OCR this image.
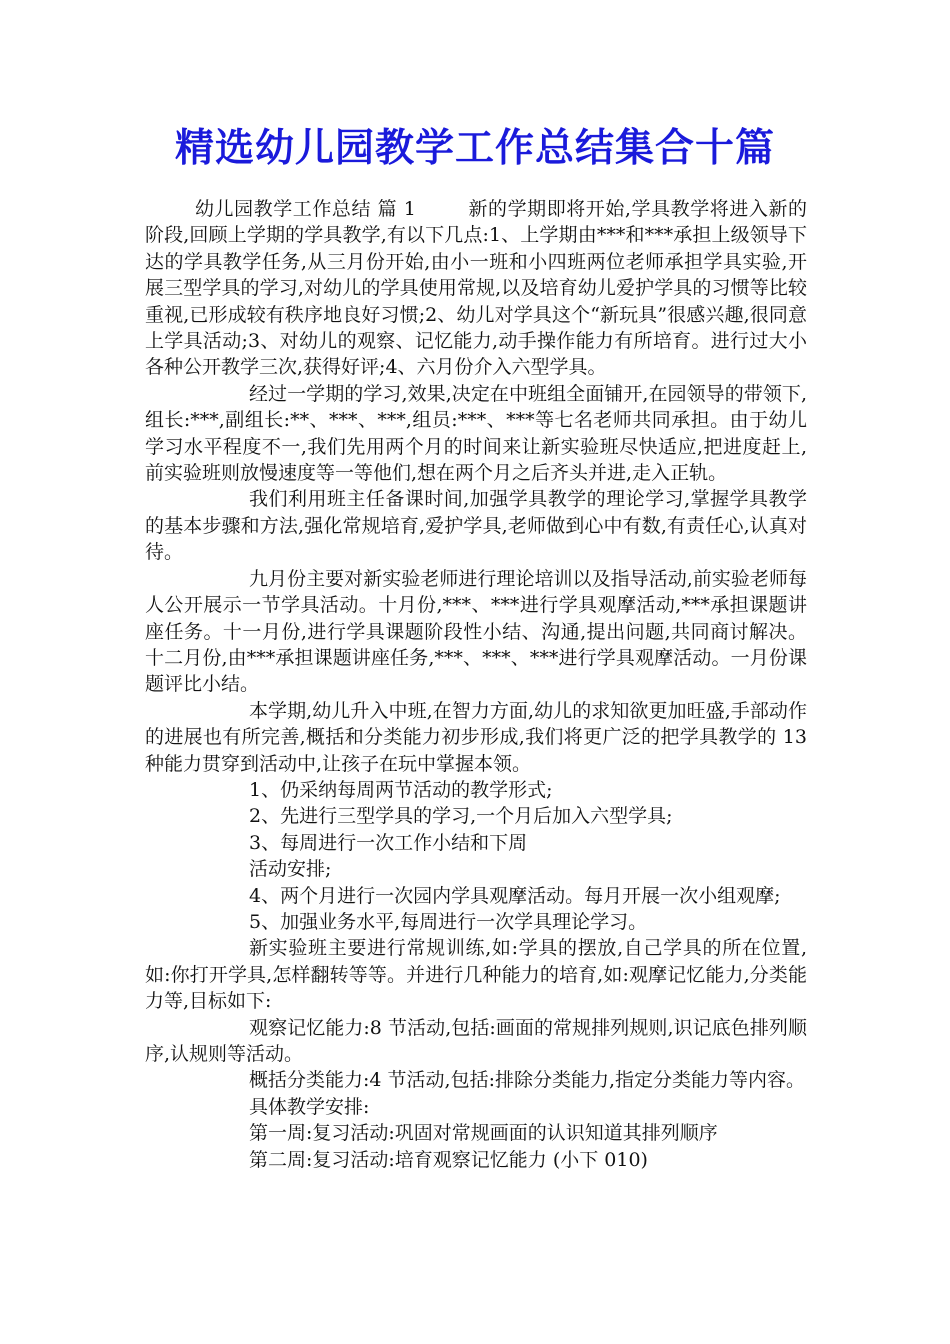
精选幼儿园教学工作总结集合十篇

幼儿园教学工作总结 篇 1	新的学期即将开始,学具教学将进入新的阶段,回顾上学期的学具教学,有以下几点:1、上学期由***和***承担上级领导下达的学具教学任务,从三月份开始,由小一班和小四班两位老师承担学具实验,开展三型学具的学习,对幼儿的学具使用常规,以及培育幼儿爱护学具的习惯等比较重视,已形成较有秩序地良好习惯;2、幼儿对学具这个“新玩具”很感兴趣,很同意上学具活动;3、对幼儿的观察、记忆能力,动手操作能力有所培育。进行过大小各种公开教学三次,获得好评;4、六月份介入六型学具。

经过一学期的学习,效果,决定在中班组全面铺开,在园领导的带领下,组长:***,副组长:**、***、***,组员:***、***等七名老师共同承担。由于幼儿学习水平程度不一,我们先用两个月的时间来让新实验班尽快适应,把进度赶上,前实验班则放慢速度等一等他们,想在两个月之后齐头并进,走入正轨。

我们利用班主任备课时间,加强学具教学的理论学习,掌握学具教学的基本步骤和方法,强化常规培育,爱护学具,老师做到心中有数,有责任心,认真对待。

九月份主要对新实验老师进行理论培训以及指导活动,前实验老师每人公开展示一节学具活动。十月份,***、***进行学具观摩活动,***承担课题讲座任务。十一月份,进行学具课题阶段性小结、沟通,提出问题,共同商讨解决。十二月份,由***承担课题讲座任务,***、***、***进行学具观摩活动。一月份课题评比小结。

本学期,幼儿升入中班,在智力方面,幼儿的求知欲更加旺盛,手部动作的进展也有所完善,概括和分类能力初步形成,我们将更广泛的把学具教学的 13 种能力贯穿到活动中,让孩子在玩中掌握本领。

1、仍采纳每周两节活动的教学形式;

2、先进行三型学具的学习,一个月后加入六型学具;

3、每周进行一次工作小结和下周

活动安排;

4、两个月进行一次园内学具观摩活动。每月开展一次小组观摩;

5、加强业务水平,每周进行一次学具理论学习。

新实验班主要进行常规训练,如:学具的摆放,自己学具的所在位置,如:你打开学具,怎样翻转等等。并进行几种能力的培育,如:观摩记忆能力,分类能力等,目标如下:

观察记忆能力:8 节活动,包括:画面的常规排列规则,识记底色排列顺序,认规则等活动。

概括分类能力:4 节活动,包括:排除分类能力,指定分类能力等内容。

具体教学安排:

第一周:复习活动:巩固对常规画面的认识知道其排列顺序

第二周:复习活动:培育观察记忆能力 (小下 010)
